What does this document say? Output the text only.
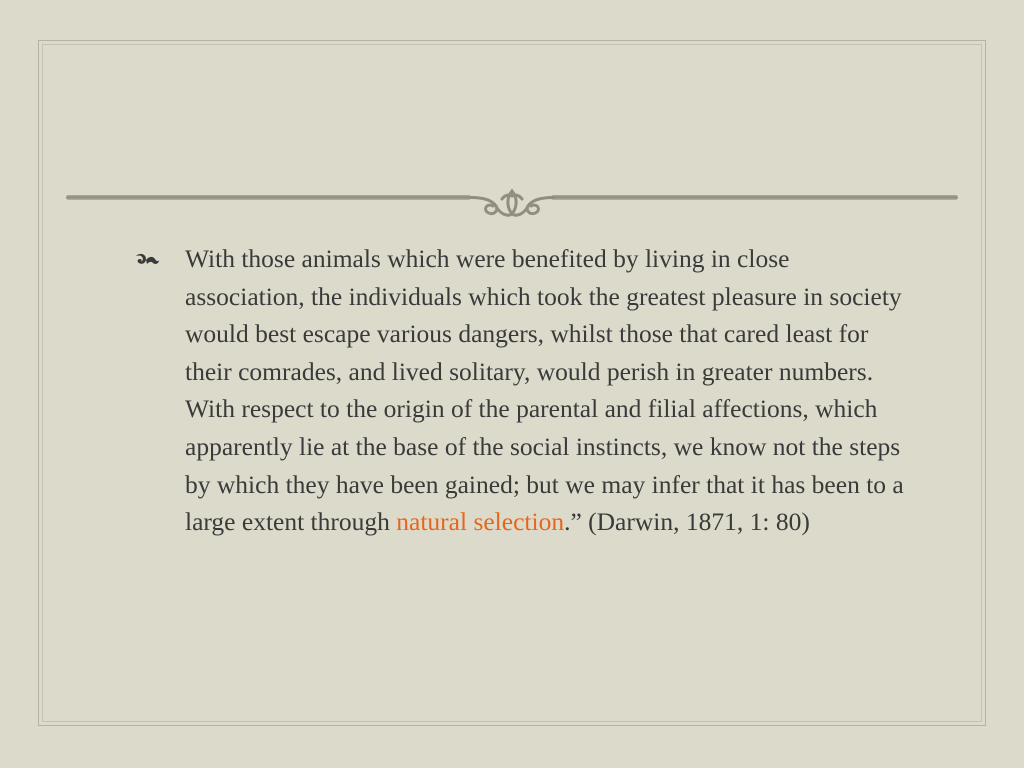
With those animals which were benefited by living in close association, the individuals which took the greatest pleasure in society would best escape various dangers, whilst those that cared least for their comrades, and lived solitary, would perish in greater numbers. With respect to the origin of the parental and filial affections, which apparently lie at the base of the social instincts, we know not the steps by which they have been gained; but we may infer that it has been to a large extent through natural selection.” (Darwin, 1871, 1: 80)
